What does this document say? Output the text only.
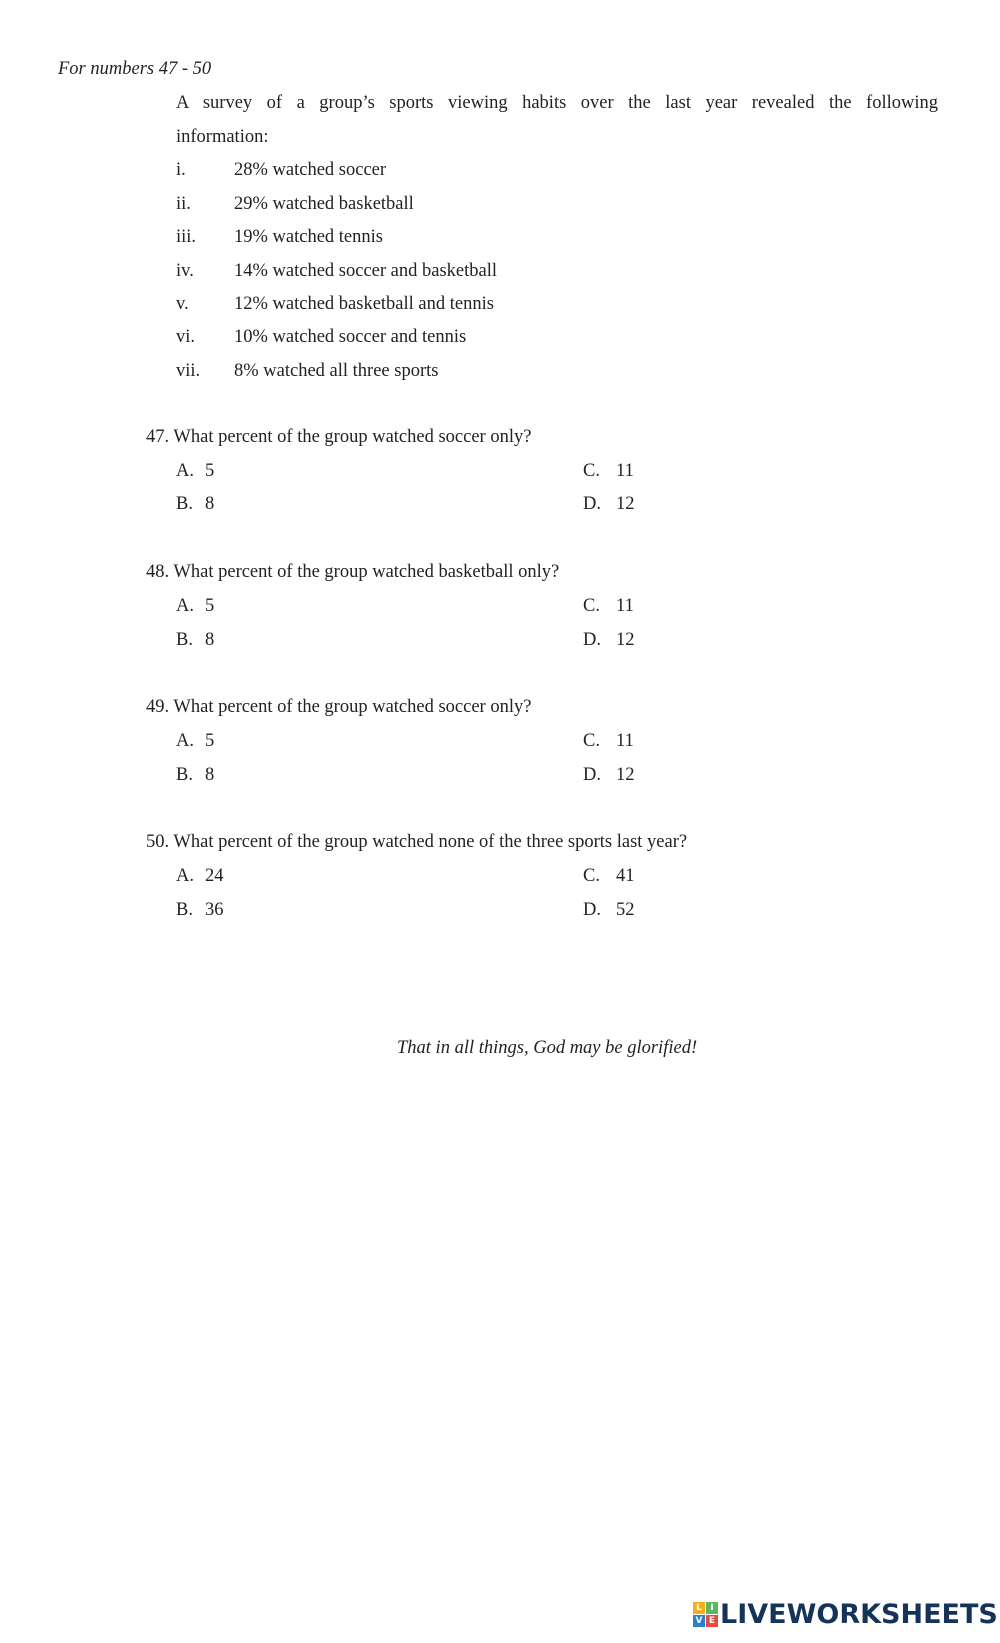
For numbers 47 - 50
A survey of a group’s sports viewing habits over the last year revealed the following
information:
i.	28% watched soccer
ii. 29% watched basketball
iii. 19% watched tennis
iv. 14% watched soccer and basketball
v. 12% watched basketball and tennis
vi. 10% watched soccer and tennis
vii. 8% watched all three sports
47. What percent of the group watched soccer only?
A. 5
B. 8
C. 11
D. 12
48. What percent of the group watched basketball only?
A. 5
B. 8
C. 11
D. 12
49. What percent of the group watched soccer only?
A. 5
B. 8
C. 11
D. 12
50. What percent of the group watched none of the three sports last year?
A. 24
B. 36
C. 41
D. 52
That in all things, God may be glorified!
L I
V E LIVEWORKSHEETS
